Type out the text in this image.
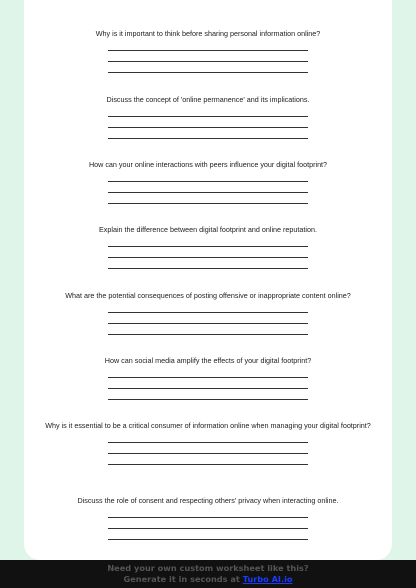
Why is it important to think before sharing personal information online?
Discuss the concept of 'online permanence' and its implications.
How can your online interactions with peers influence your digital footprint?
Explain the difference between digital footprint and online reputation.
What are the potential consequences of posting offensive or inappropriate content online?
How can social media amplify the effects of your digital footprint?
Why is it essential to be a critical consumer of information online when managing your digital footprint?
Discuss the role of consent and respecting others' privacy when interacting online.
Need your own custom worksheet like this?
Generate it in seconds at Turbo AI.io
